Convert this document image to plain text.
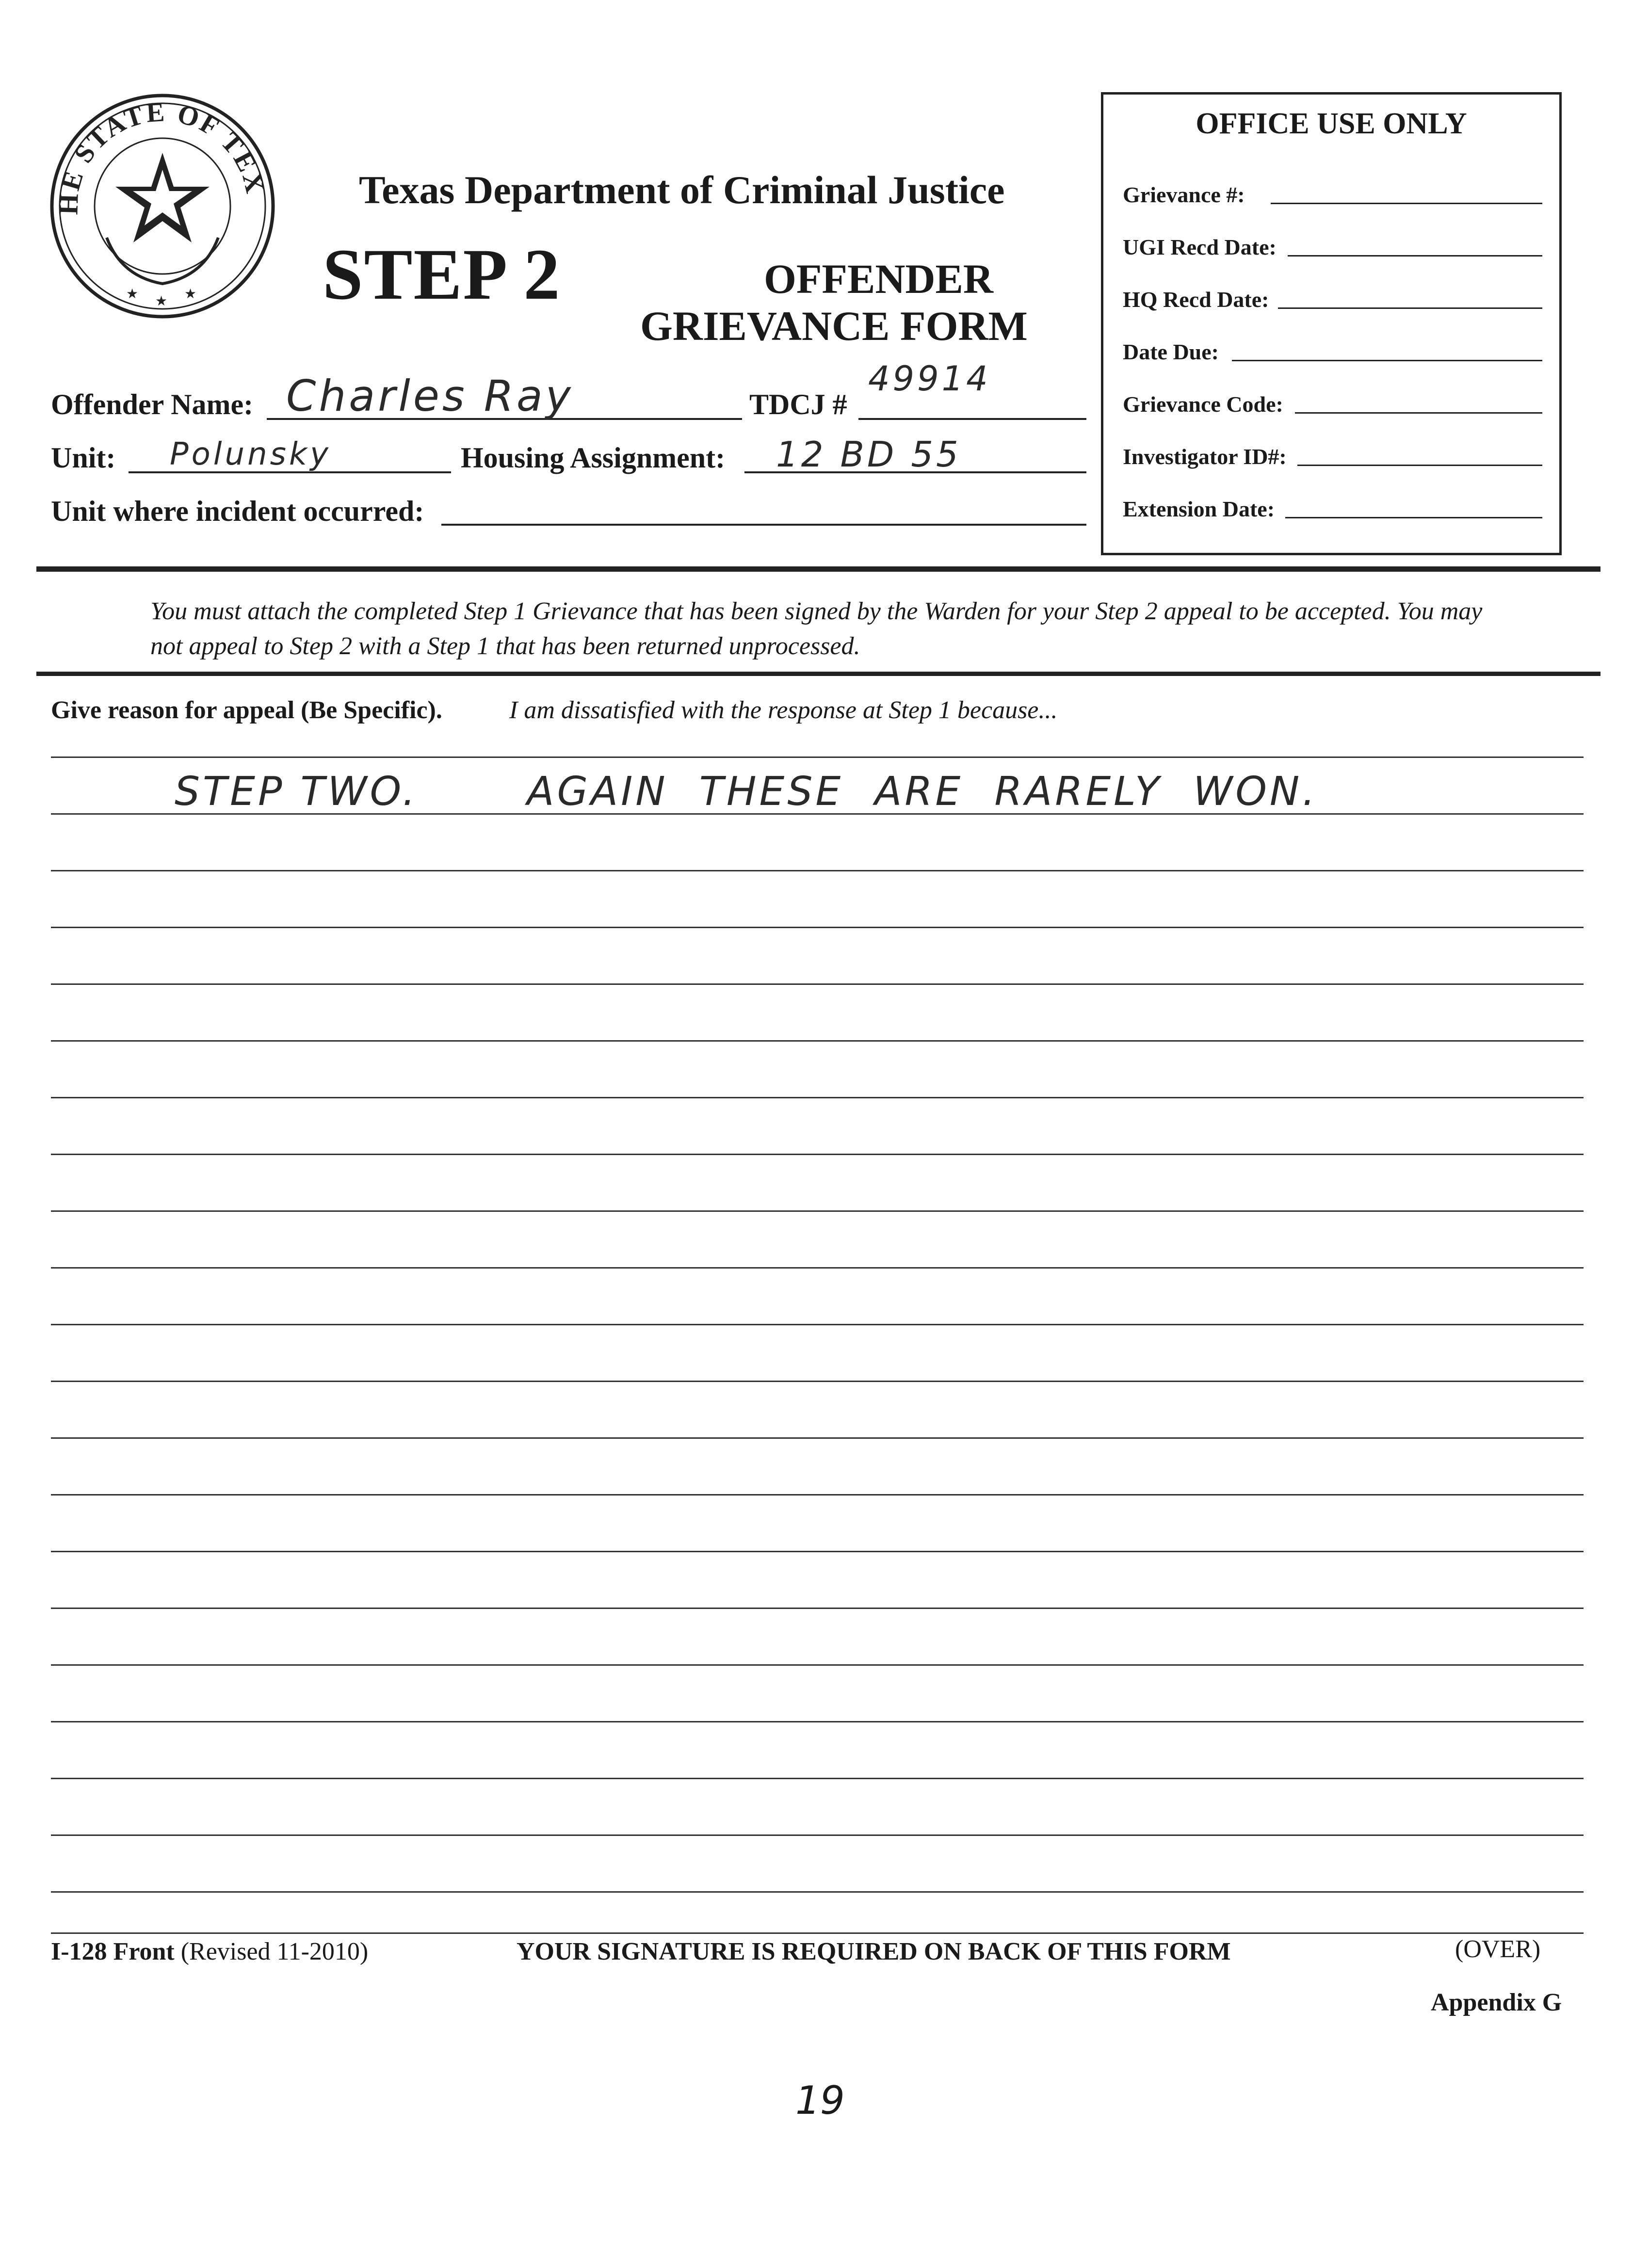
HE STATE OF TEX
★ ★ ★
Texas Department of Criminal Justice
STEP 2	OFFENDER
GRIEVANCE FORM
Offender Name: Charles Ray	TDCJ #
49914
Unit: Polunsky	Housing Assignment: 12 BD 55
Unit where incident occurred:
OFFICE USE ONLY
Grievance #:
UGI Recd Date:
HQ Recd Date:
Date Due:
Grievance Code:
Investigator ID#:
Extension Date:
You must attach the completed Step 1 Grievance that has been signed by the Warden for your Step 2 appeal to be accepted. You may not appeal to Step 2 with a Step 1 that has been returned unprocessed.
Give reason for appeal (Be Specific).	I am dissatisfied with the response at Step 1 because...
STEP TWO.       AGAIN  THESE  ARE  RARELY  WON.
I-128 Front (Revised 11-2010)	YOUR SIGNATURE IS REQUIRED ON BACK OF THIS FORM	(OVER)
Appendix G
19
